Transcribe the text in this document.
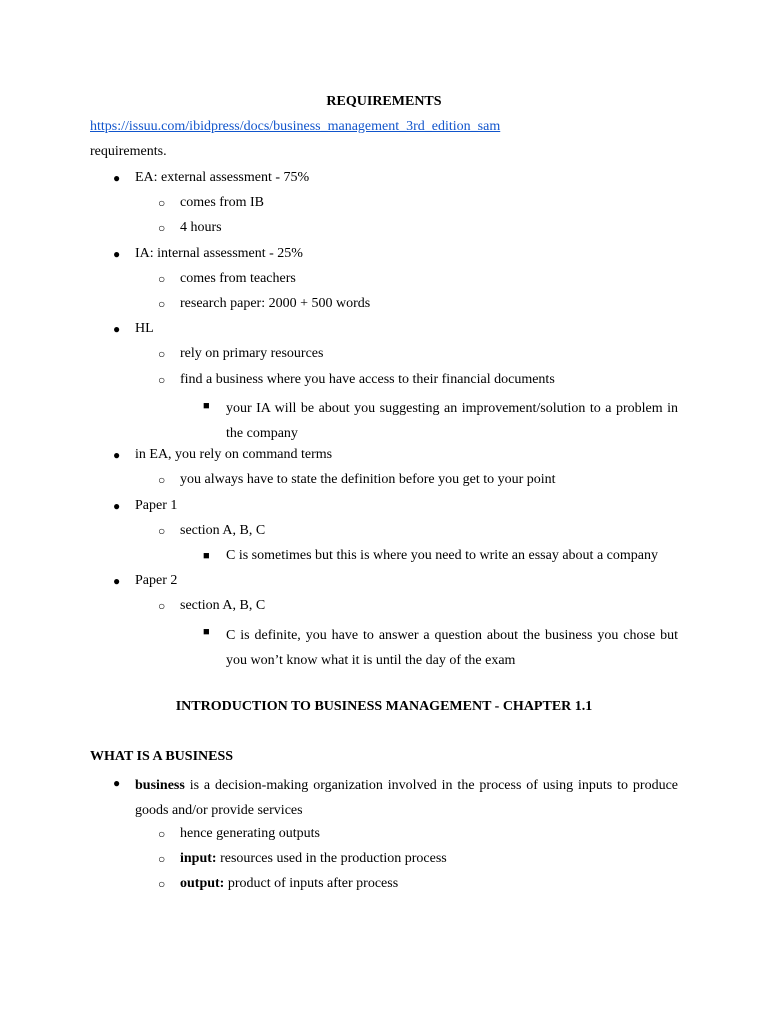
REQUIREMENTS
https://issuu.com/ibidpress/docs/business_management_3rd_edition_sam
requirements.
● EA: external assessment - 75%
○ comes from IB
○ 4 hours
● IA: internal assessment - 25%
○ comes from teachers
○ research paper: 2000 + 500 words
● HL
○ rely on primary resources
○ find a business where you have access to their financial documents
■ your IA will be about you suggesting an improvement/solution to a problem in the company
● in EA, you rely on command terms
○ you always have to state the definition before you get to your point
● Paper 1
○ section A, B, C
■ C is sometimes but this is where you need to write an essay about a company
● Paper 2
○ section A, B, C
■ C is definite, you have to answer a question about the business you chose but you won’t know what it is until the day of the exam
INTRODUCTION TO BUSINESS MANAGEMENT - CHAPTER 1.1
WHAT IS A BUSINESS
● business is a decision-making organization involved in the process of using inputs to produce goods and/or provide services
○ hence generating outputs
○ input: resources used in the production process
○ output: product of inputs after process
